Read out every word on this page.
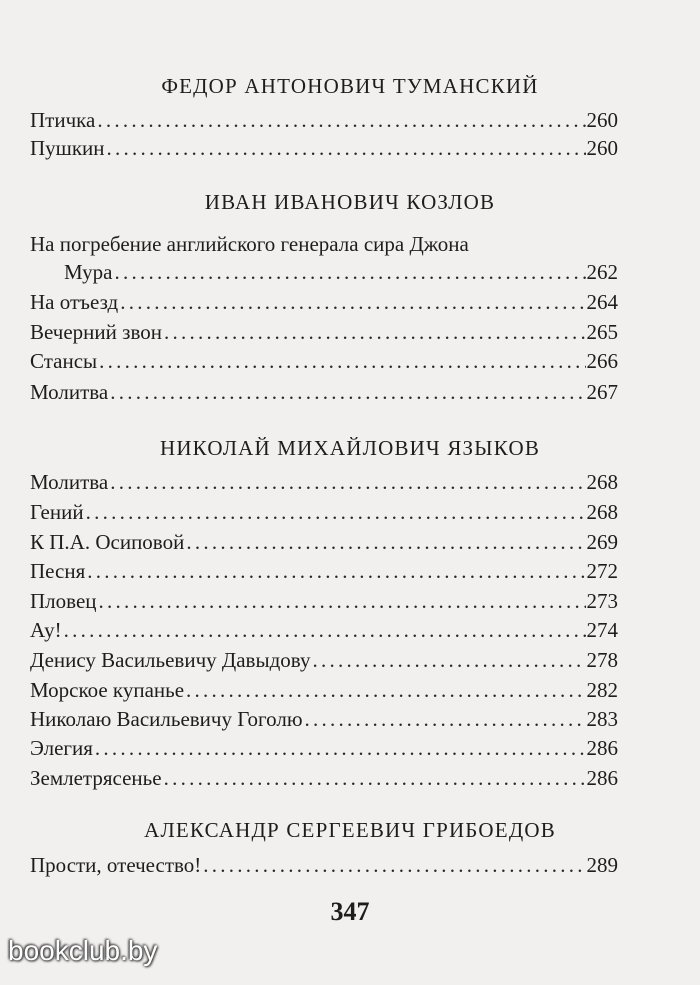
ФЕДОР АНТОНОВИЧ ТУМАНСКИЙ
Птичка . . .	260
Пушкин . . .	260
ИВАН ИВАНОВИЧ КОЗЛОВ
На погребение английского генерала сира Джона
Мура . . .	262
На отъезд . . .	264
Вечерний звон . . .	265
Стансы . . .	266
Молитва . . .	267
НИКОЛАЙ МИХАЙЛОВИЧ ЯЗЫКОВ
Молитва . . .	268
Гений . . .	268
К П.А. Осиповой . . .	269
Песня . . .	272
Пловец . . .	273
Ау! . . .	274
Денису Васильевичу Давыдову . . .	278
Морское купанье . . .	282
Николаю Васильевичу Гоголю . . .	283
Элегия . . .	286
Землетрясенье . . .	286
АЛЕКСАНДР СЕРГЕЕВИЧ ГРИБОЕДОВ
Прости, отечество! . . .	289
347
bookclub.by
